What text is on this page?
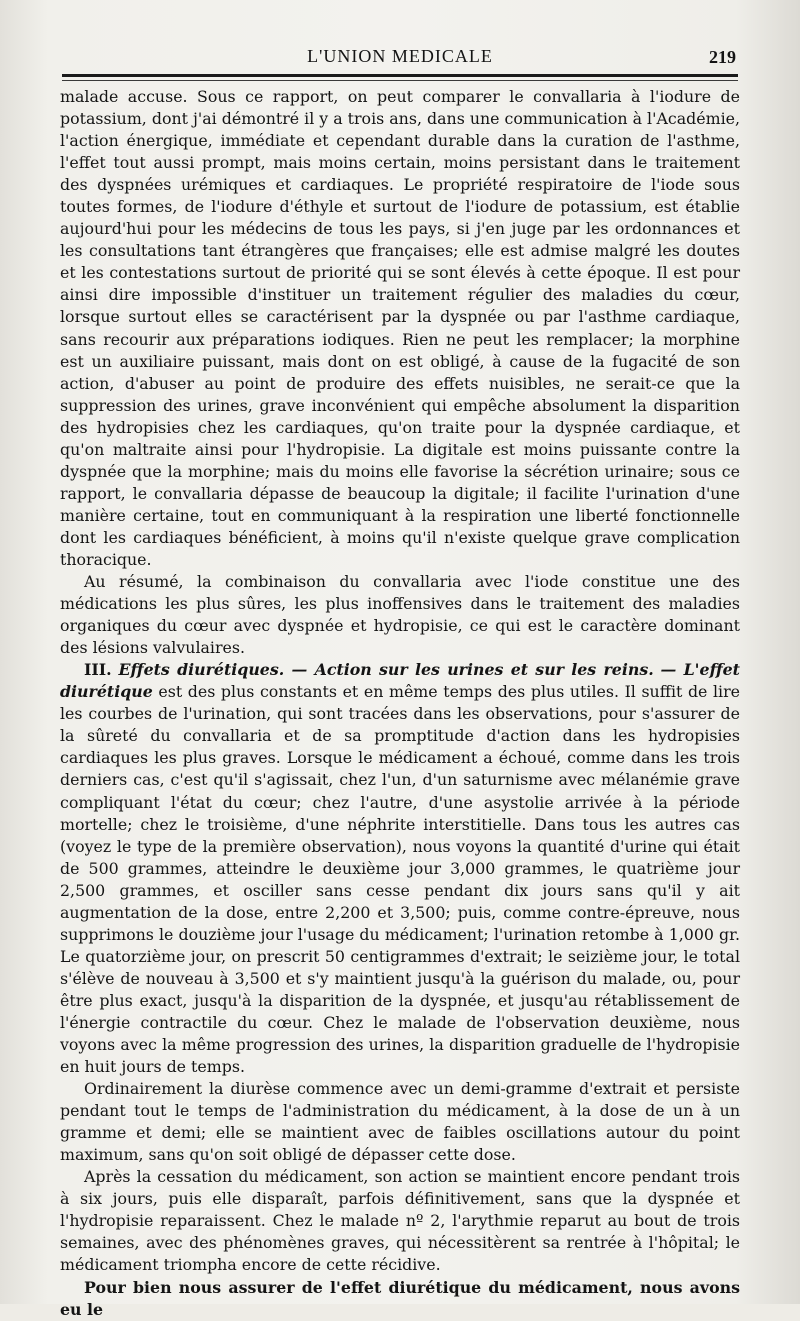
L'UNION MEDICALE	219

malade accuse. Sous ce rapport, on peut comparer le convallaria à l'iodure de potassium, dont j'ai démontré il y a trois ans, dans une communication à l'Académie, l'action énergique, immédiate et cependant durable dans la curation de l'asthme, l'effet tout aussi prompt, mais moins certain, moins persistant dans le traitement des dyspnées urémiques et cardiaques. Le propriété respiratoire de l'iode sous toutes formes, de l'iodure d'éthyle et surtout de l'iodure de potassium, est établie aujourd'hui pour les médecins de tous les pays, si j'en juge par les ordonnances et les consultations tant étrangères que françaises; elle est admise malgré les doutes et les contestations surtout de priorité qui se sont élevés à cette époque. Il est pour ainsi dire impossible d'instituer un traitement régulier des maladies du cœur, lorsque surtout elles se caractérisent par la dyspnée ou par l'asthme cardiaque, sans recourir aux préparations iodiques. Rien ne peut les remplacer; la morphine est un auxiliaire puissant, mais dont on est obligé, à cause de la fugacité de son action, d'abuser au point de produire des effets nuisibles, ne serait-ce que la suppression des urines, grave inconvénient qui empêche absolument la disparition des hydropisies chez les cardiaques, qu'on traite pour la dyspnée cardiaque, et qu'on maltraite ainsi pour l'hydropisie. La digitale est moins puissante contre la dyspnée que la morphine; mais du moins elle favorise la sécrétion urinaire; sous ce rapport, le convallaria dépasse de beaucoup la digitale; il facilite l'urination d'une manière certaine, tout en communiquant à la respiration une liberté fonctionnelle dont les cardiaques bénéficient, à moins qu'il n'existe quelque grave complication thoracique.

Au résumé, la combinaison du convallaria avec l'iode constitue une des médications les plus sûres, les plus inoffensives dans le traitement des maladies organiques du cœur avec dyspnée et hydropisie, ce qui est le caractère dominant des lésions valvulaires.

III. Effets diurétiques. — Action sur les urines et sur les reins. — L'effet diurétique est des plus constants et en même temps des plus utiles. Il suffit de lire les courbes de l'urination, qui sont tracées dans les observations, pour s'assurer de la sûreté du convallaria et de sa promptitude d'action dans les hydropisies cardiaques les plus graves. Lorsque le médicament a échoué, comme dans les trois derniers cas, c'est qu'il s'agissait, chez l'un, d'un saturnisme avec mélanémie grave compliquant l'état du cœur; chez l'autre, d'une asystolie arrivée à la période mortelle; chez le troisième, d'une néphrite interstitielle. Dans tous les autres cas (voyez le type de la première observation), nous voyons la quantité d'urine qui était de 500 grammes, atteindre le deuxième jour 3,000 grammes, le quatrième jour 2,500 grammes, et osciller sans cesse pendant dix jours sans qu'il y ait augmentation de la dose, entre 2,200 et 3,500; puis, comme contre-épreuve, nous supprimons le douzième jour l'usage du médicament; l'urination retombe à 1,000 gr. Le quatorzième jour, on prescrit 50 centigrammes d'extrait; le seizième jour, le total s'élève de nouveau à 3,500 et s'y maintient jusqu'à la guérison du malade, ou, pour être plus exact, jusqu'à la disparition de la dyspnée, et jusqu'au rétablissement de l'énergie contractile du cœur. Chez le malade de l'observation deuxième, nous voyons avec la même progression des urines, la disparition graduelle de l'hydropisie en huit jours de temps.

Ordinairement la diurèse commence avec un demi-gramme d'extrait et persiste pendant tout le temps de l'administration du médicament, à la dose de un à un gramme et demi; elle se maintient avec de faibles oscillations autour du point maximum, sans qu'on soit obligé de dépasser cette dose.

Après la cessation du médicament, son action se maintient encore pendant trois à six jours, puis elle disparaît, parfois définitivement, sans que la dyspnée et l'hydropisie reparaissent. Chez le malade nº 2, l'arythmie reparut au bout de trois semaines, avec des phénomènes graves, qui nécessitèrent sa rentrée à l'hôpital; le médicament triompha encore de cette récidive.

Pour bien nous assurer de l'effet diurétique du médicament, nous avons eu le
